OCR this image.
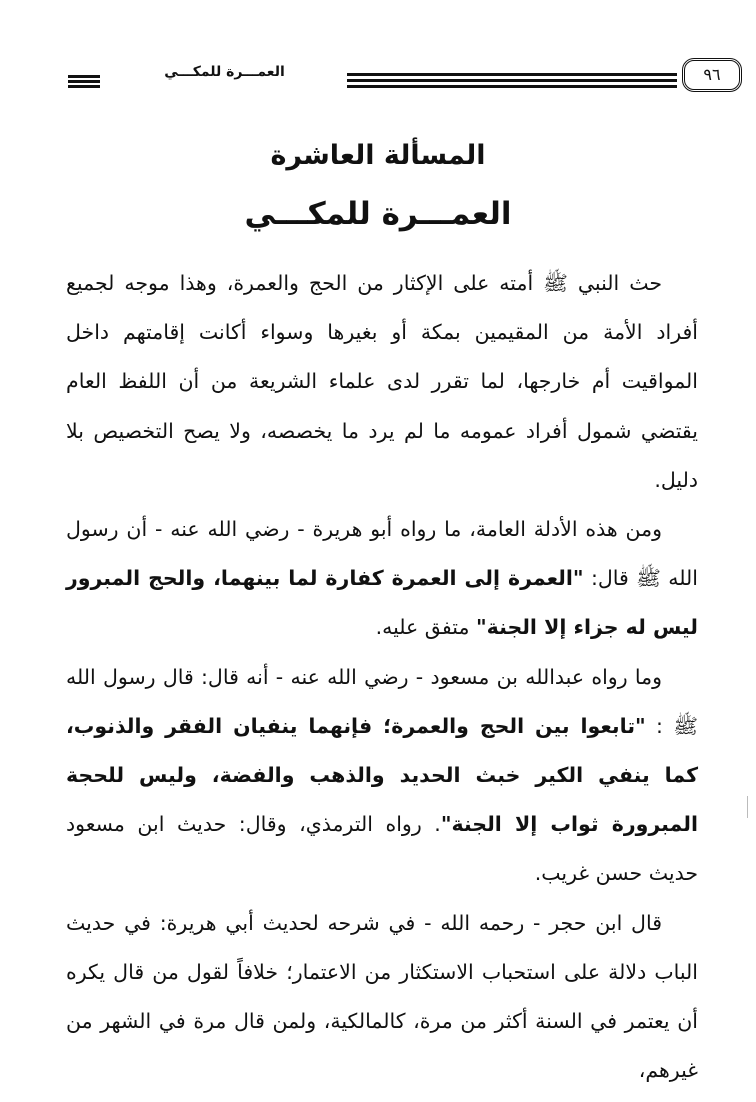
العمـــرة للمكـــي	٩٦
المسألة العاشرة
العمـــرة للمكـــي

حث النبي ﷺ أمته على الإكثار من الحج والعمرة، وهذا موجه لجميع أفراد الأمة من المقيمين بمكة أو بغيرها وسواء أكانت إقامتهم داخل المواقيت أم خارجها، لما تقرر لدى علماء الشريعة من أن اللفظ العام يقتضي شمول أفراد عمومه ما لم يرد ما يخصصه، ولا يصح التخصيص بلا دليل.

ومن هذه الأدلة العامة، ما رواه أبو هريرة - رضي الله عنه - أن رسول الله ﷺ قال: "العمرة إلى العمرة كفارة لما بينهما، والحج المبرور ليس له جزاء إلا الجنة" متفق عليه.

وما رواه عبدالله بن مسعود - رضي الله عنه - أنه قال: قال رسول الله ﷺ : "تابعوا بين الحج والعمرة؛ فإنهما ينفيان الفقر والذنوب، كما ينفي الكير خبث الحديد والذهب والفضة، وليس للحجة المبرورة ثواب إلا الجنة". رواه الترمذي، وقال: حديث ابن مسعود حديث حسن غريب.

قال ابن حجر - رحمه الله - في شرحه لحديث أبي هريرة: في حديث الباب دلالة على استحباب الاستكثار من الاعتمار؛ خلافاً لقول من قال يكره أن يعتمر في السنة أكثر من مرة، كالمالكية، ولمن قال مرة في الشهر من غيرهم،
